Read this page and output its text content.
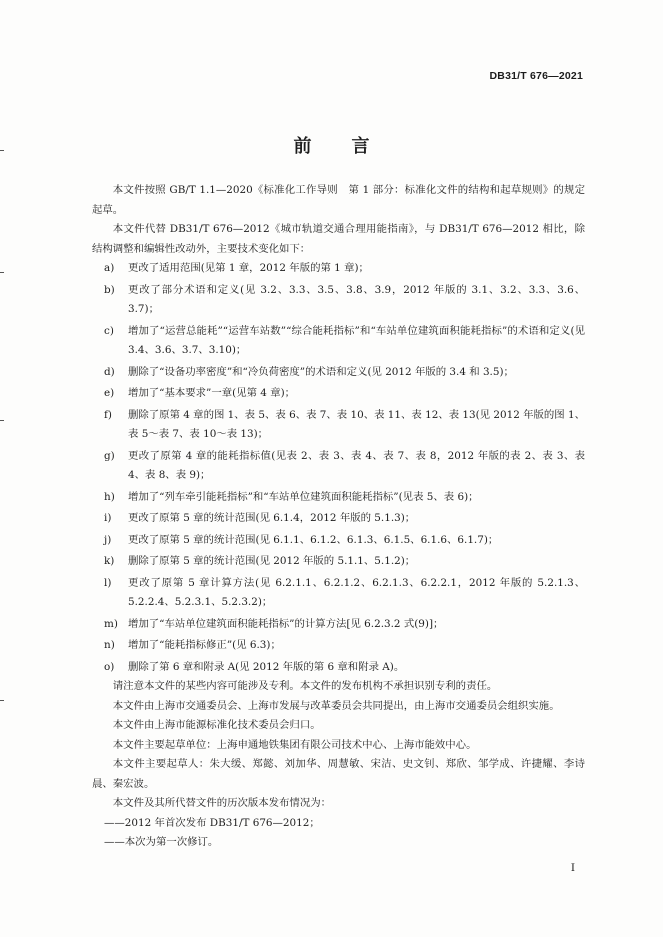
DB31/T 676—2021
前言

本文件按照 GB/T 1.1—2020《标准化工作导则　第 1 部分：标准化文件的结构和起草规则》的规定起草。

本文件代替 DB31/T 676—2012《城市轨道交通合理用能指南》，与 DB31/T 676—2012 相比，除结构调整和编辑性改动外，主要技术变化如下：

a) 更改了适用范围(见第 1 章，2012 年版的第 1 章)；
b) 更改了部分术语和定义(见 3.2、3.3、3.5、3.8、3.9，2012 年版的 3.1、3.2、3.3、3.6、3.7)；
c) 增加了“运营总能耗”“运营车站数”“综合能耗指标”和“车站单位建筑面积能耗指标”的术语和定义(见 3.4、3.6、3.7、3.10)；
d) 删除了“设备功率密度”和“冷负荷密度”的术语和定义(见 2012 年版的 3.4 和 3.5)；
e) 增加了“基本要求”一章(见第 4 章)；
f) 删除了原第 4 章的图 1、表 5、表 6、表 7、表 10、表 11、表 12、表 13(见 2012 年版的图 1、表 5～表 7、表 10～表 13)；
g) 更改了原第 4 章的能耗指标值(见表 2、表 3、表 4、表 7、表 8，2012 年版的表 2、表 3、表 4、表 8、表 9)；
h) 增加了“列车牵引能耗指标”和“车站单位建筑面积能耗指标”(见表 5、表 6)；
i) 更改了原第 5 章的统计范围(见 6.1.4，2012 年版的 5.1.3)；
j) 更改了原第 5 章的统计范围(见 6.1.1、6.1.2、6.1.3、6.1.5、6.1.6、6.1.7)；
k) 删除了原第 5 章的统计范围(见 2012 年版的 5.1.1、5.1.2)；
l) 更改了原第 5 章计算方法(见 6.2.1.1、6.2.1.2、6.2.1.3、6.2.2.1，2012 年版的 5.2.1.3、5.2.2.4、5.2.3.1、5.2.3.2)；
m) 增加了“车站单位建筑面积能耗指标”的计算方法[见 6.2.3.2 式(9)]；
n) 增加了“能耗指标修正”(见 6.3)；
o) 删除了第 6 章和附录 A(见 2012 年版的第 6 章和附录 A)。

请注意本文件的某些内容可能涉及专利。本文件的发布机构不承担识别专利的责任。

本文件由上海市交通委员会、上海市发展与改革委员会共同提出，由上海市交通委员会组织实施。

本文件由上海市能源标准化技术委员会归口。

本文件主要起草单位：上海申通地铁集团有限公司技术中心、上海市能效中心。

本文件主要起草人：朱大缓、郑懿、刘加华、周慧敏、宋洁、史文钊、郑欣、邹学成、许捷耀、李诗晨、秦宏波。

本文件及其所代替文件的历次版本发布情况为：

——2012 年首次发布 DB31/T 676—2012；

——本次为第一次修订。

I
